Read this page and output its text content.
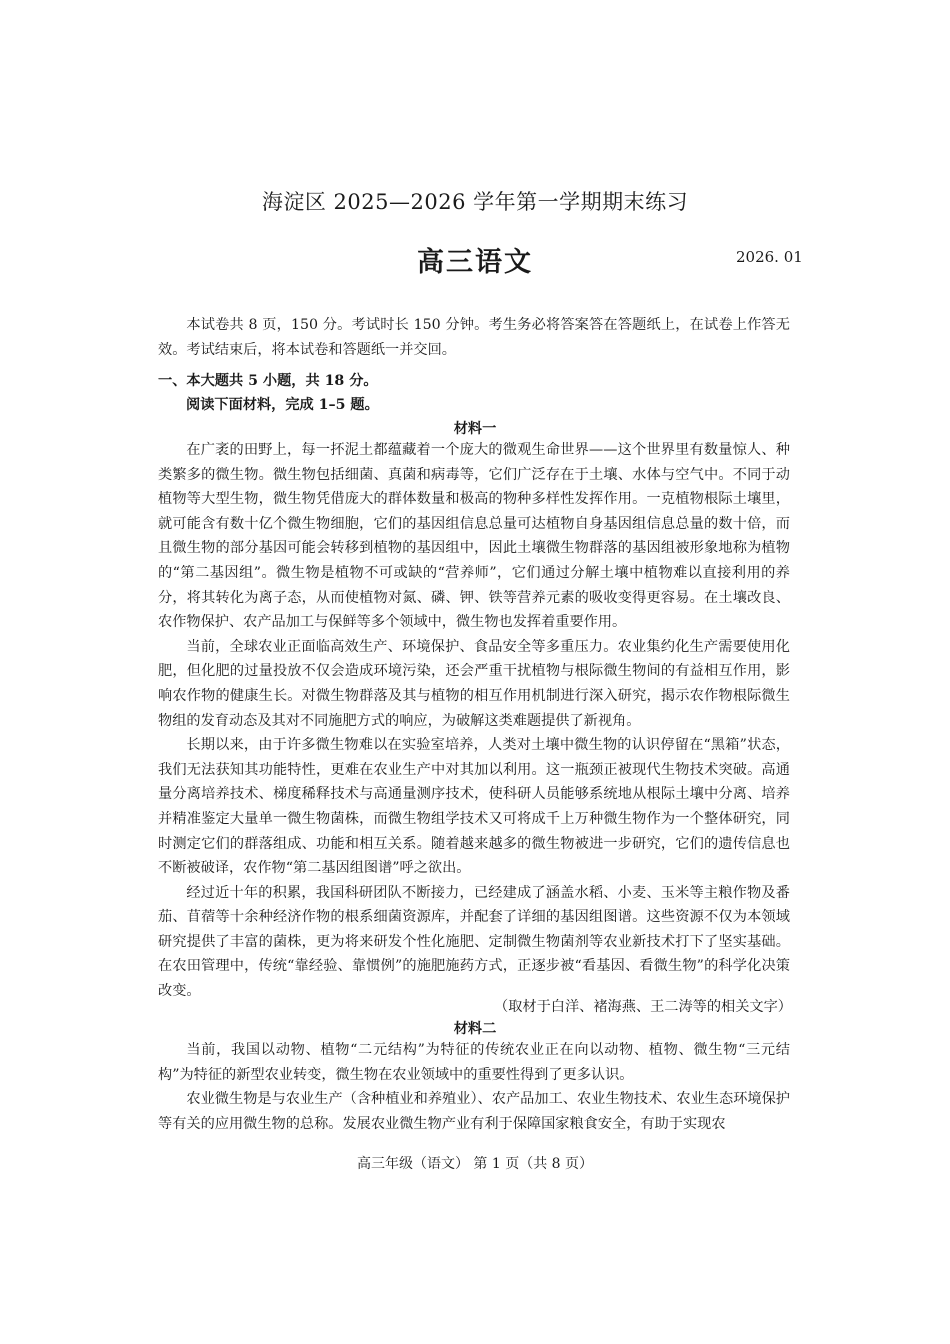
海淀区 2025—2026 学年第一学期期末练习
高三语文	2026. 01

本试卷共 8 页，150 分。考试时长 150 分钟。考生务必将答案答在答题纸上，在试卷上作答无效。考试结束后，将本试卷和答题纸一并交回。

一、本大题共 5 小题，共 18 分。
阅读下面材料，完成 1–5 题。
材料一

在广袤的田野上，每一抔泥土都蕴藏着一个庞大的微观生命世界——这个世界里有数量惊人、种类繁多的微生物。微生物包括细菌、真菌和病毒等，它们广泛存在于土壤、水体与空气中。不同于动植物等大型生物，微生物凭借庞大的群体数量和极高的物种多样性发挥作用。一克植物根际土壤里，就可能含有数十亿个微生物细胞，它们的基因组信息总量可达植物自身基因组信息总量的数十倍，而且微生物的部分基因可能会转移到植物的基因组中，因此土壤微生物群落的基因组被形象地称为植物的“第二基因组”。微生物是植物不可或缺的“营养师”，它们通过分解土壤中植物难以直接利用的养分，将其转化为离子态，从而使植物对氮、磷、钾、铁等营养元素的吸收变得更容易。在土壤改良、农作物保护、农产品加工与保鲜等多个领域中，微生物也发挥着重要作用。

当前，全球农业正面临高效生产、环境保护、食品安全等多重压力。农业集约化生产需要使用化肥，但化肥的过量投放不仅会造成环境污染，还会严重干扰植物与根际微生物间的有益相互作用，影响农作物的健康生长。对微生物群落及其与植物的相互作用机制进行深入研究，揭示农作物根际微生物组的发育动态及其对不同施肥方式的响应，为破解这类难题提供了新视角。

长期以来，由于许多微生物难以在实验室培养，人类对土壤中微生物的认识停留在“黑箱”状态，我们无法获知其功能特性，更难在农业生产中对其加以利用。这一瓶颈正被现代生物技术突破。高通量分离培养技术、梯度稀释技术与高通量测序技术，使科研人员能够系统地从根际土壤中分离、培养并精准鉴定大量单一微生物菌株，而微生物组学技术又可将成千上万种微生物作为一个整体研究，同时测定它们的群落组成、功能和相互关系。随着越来越多的微生物被进一步研究，它们的遗传信息也不断被破译，农作物“第二基因组图谱”呼之欲出。

经过近十年的积累，我国科研团队不断接力，已经建成了涵盖水稻、小麦、玉米等主粮作物及番茄、苜蓿等十余种经济作物的根系细菌资源库，并配套了详细的基因组图谱。这些资源不仅为本领域研究提供了丰富的菌株，更为将来研发个性化施肥、定制微生物菌剂等农业新技术打下了坚实基础。在农田管理中，传统“靠经验、靠惯例”的施肥施药方式，正逐步被“看基因、看微生物”的科学化决策改变。

（取材于白洋、褚海燕、王二涛等的相关文字）
材料二

当前，我国以动物、植物“二元结构”为特征的传统农业正在向以动物、植物、微生物“三元结构”为特征的新型农业转变，微生物在农业领域中的重要性得到了更多认识。

农业微生物是与农业生产（含种植业和养殖业）、农产品加工、农业生物技术、农业生态环境保护等有关的应用微生物的总称。发展农业微生物产业有利于保障国家粮食安全，有助于实现农

高三年级（语文） 第 1 页（共 8 页）
